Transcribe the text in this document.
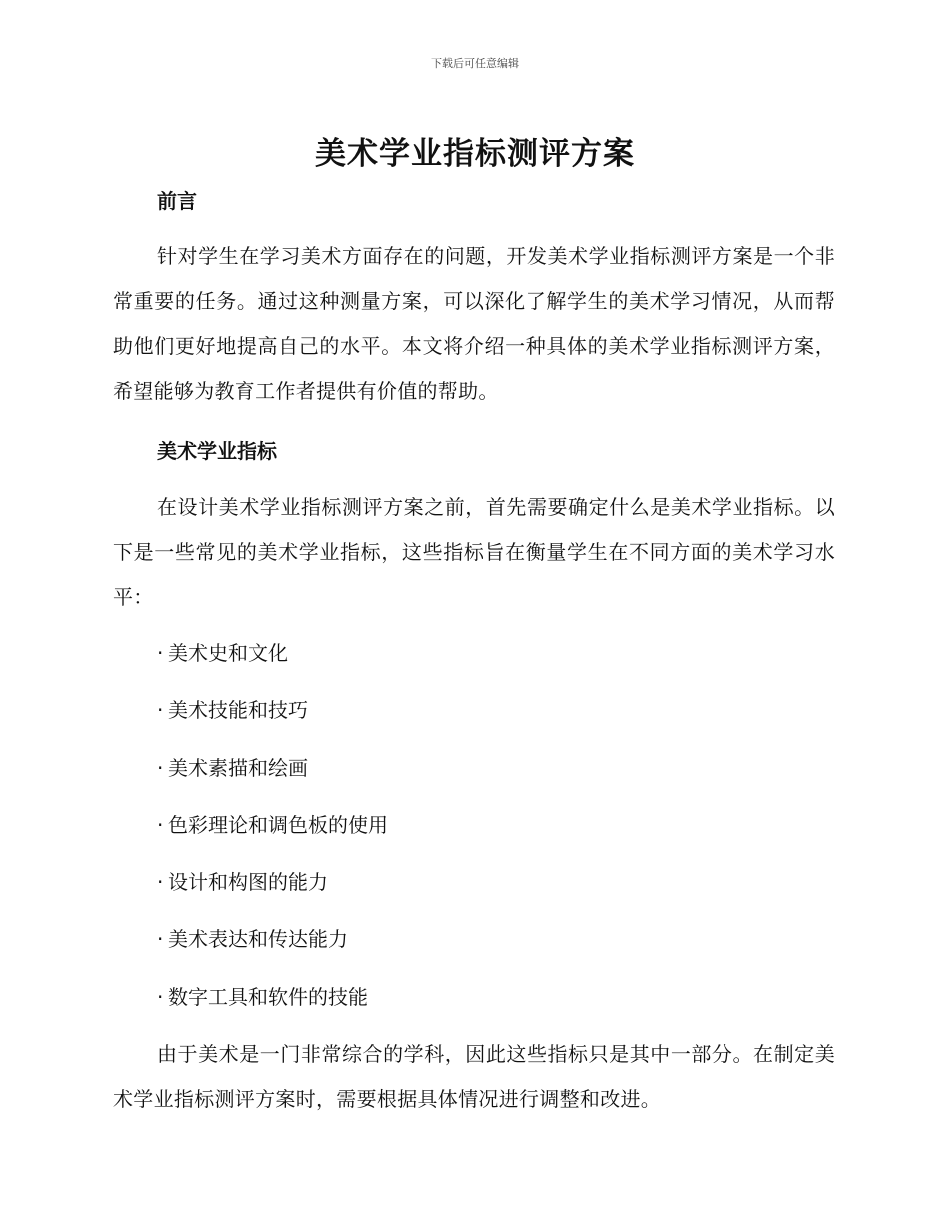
下载后可任意编辑
美术学业指标测评方案
前言

针对学生在学习美术方面存在的问题，开发美术学业指标测评方案是一个非常重要的任务。通过这种测量方案，可以深化了解学生的美术学习情况，从而帮助他们更好地提高自己的水平。本文将介绍一种具体的美术学业指标测评方案，希望能够为教育工作者提供有价值的帮助。

美术学业指标

在设计美术学业指标测评方案之前，首先需要确定什么是美术学业指标。以下是一些常见的美术学业指标，这些指标旨在衡量学生在不同方面的美术学习水平：

· 美术史和文化
· 美术技能和技巧
· 美术素描和绘画
· 色彩理论和调色板的使用
· 设计和构图的能力
· 美术表达和传达能力
· 数字工具和软件的技能

由于美术是一门非常综合的学科，因此这些指标只是其中一部分。在制定美术学业指标测评方案时，需要根据具体情况进行调整和改进。
